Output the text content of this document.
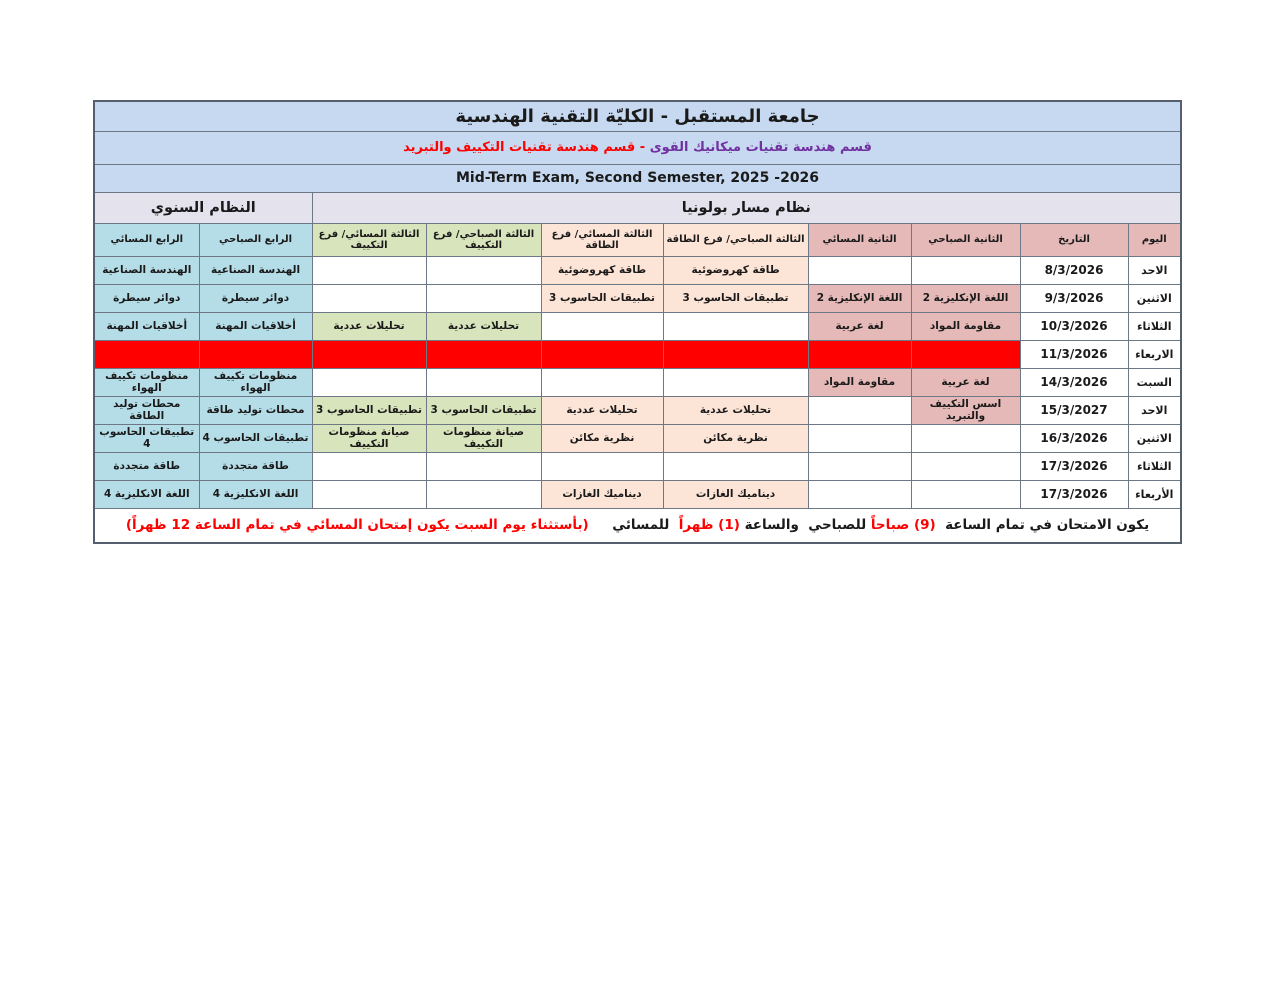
جامعة المستقبل - الكليّة التقنية الهندسية									
قسم هندسة تقنيات ميكانيك القوى - قسم هندسة تقنيات التكييف والتبريد									
Mid-Term Exam, Second Semester, 2025 -2026									
نظام مسار بولونيا								النظام السنوي	
اليوم	التاريخ	الثانية الصباحي	الثانية المسائي	الثالثة الصباحي/ فرع الطاقة	الثالثة المسائي/ فرع الطاقة	الثالثة الصباحي/ فرع التكييف	الثالثة المسائي/ فرع التكييف	الرابع الصباحي	الرابع المسائي
الاحد	8/3/2026			طاقة كهروضوئية	طاقة كهروضوئية			الهندسة الصناعية	الهندسة الصناعية
الاثنين	9/3/2026	اللغة الإنكليزية 2	اللغة الإنكليزية 2	تطبيقات الحاسوب 3	تطبيقات الحاسوب 3			دوائر سيطرة	دوائر سيطرة
الثلاثاء	10/3/2026	مقاومة المواد	لغة عربية			تحليلات عددية	تحليلات عددية	أخلاقيات المهنة	أخلاقيات المهنة
الاربعاء	11/3/2026								
السبت	14/3/2026	لغة عربية	مقاومة المواد					منظومات تكييف الهواء	منظومات تكييف الهواء
الاحد	15/3/2027	اسس التكييف والتبريد		تحليلات عددية	تحليلات عددية	تطبيقات الحاسوب 3	تطبيقات الحاسوب 3	محطات توليد طاقة	محطات توليد الطاقة
الاثنين	16/3/2026			نظرية مكائن	نظرية مكائن	صيانة منظومات التكييف	صيانة منظومات التكييف	تطبيقات الحاسوب 4	تطبيقات الحاسوب 4
الثلاثاء	17/3/2026							طاقة متجددة	طاقة متجددة
الأربعاء	17/3/2026			ديناميك الغازات	ديناميك الغازات			اللغة الانكليزية 4	اللغة الانكليزية 4
يكون الامتحان في تمام الساعة  (9) صباحاً للصباحي  والساعة (1) ظهراً  للمسائي     (بأستثناء يوم السبت يكون إمتحان المسائي في تمام الساعة 12 ظهراً)									
